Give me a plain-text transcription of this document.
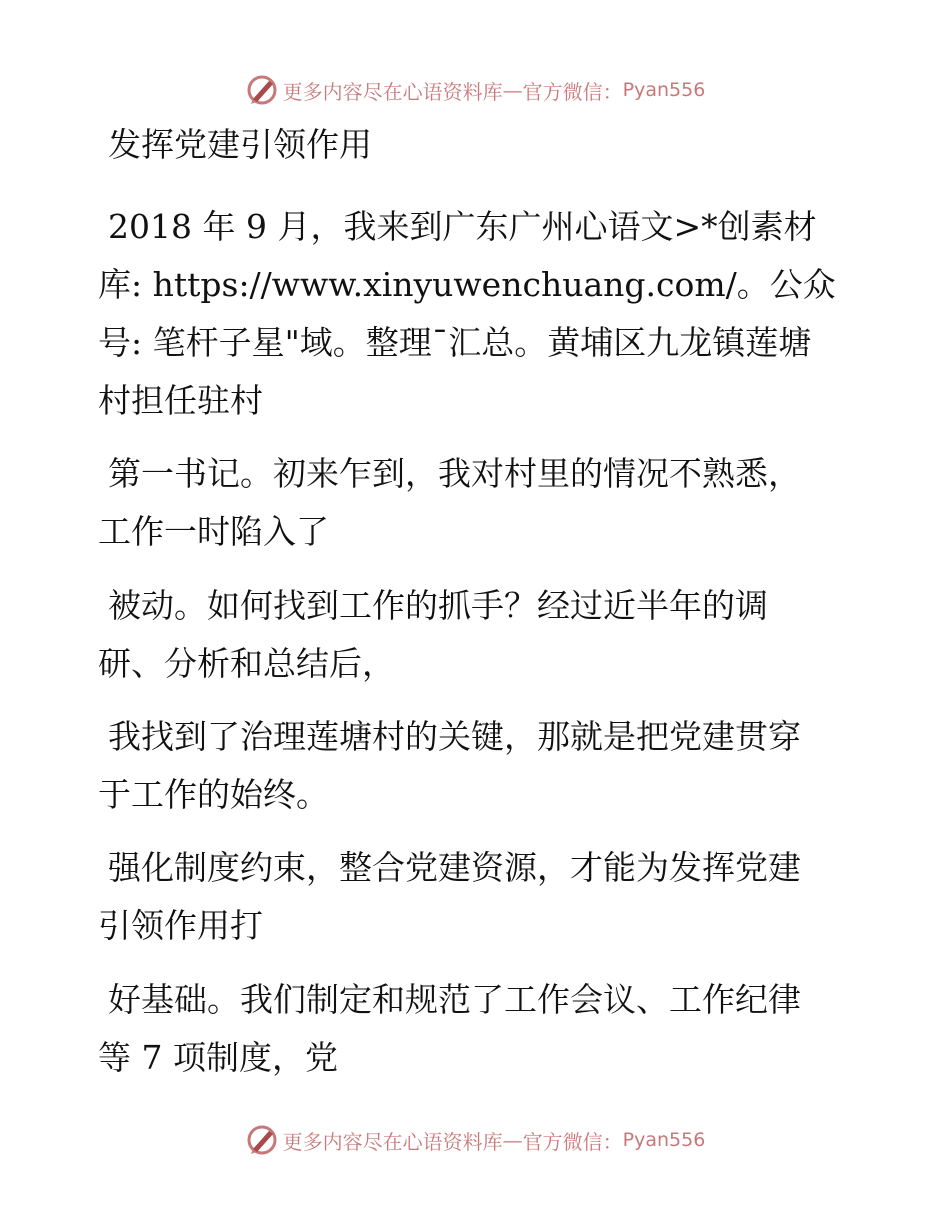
更多内容尽在心语资料库 — 官方微信： Pyan556
发挥党建引领作用
2018 年 9 月，我来到广东广州心语文>*创素材
库: https://www.xinyuwenchuang.com/。公众
号: 笔杆子星"域。整理¯汇总。黄埔区九龙镇莲塘
村担任驻村
第一书记。初来乍到，我对村里的情况不熟悉，
工作一时陷入了
被动。如何找到工作的抓手？经过近半年的调
研、分析和总结后，
我找到了治理莲塘村的关键，那就是把党建贯穿
于工作的始终。
强化制度约束，整合党建资源，才能为发挥党建
引领作用打
好基础。我们制定和规范了工作会议、工作纪律
等 7 项制度，党
更多内容尽在心语资料库 — 官方微信： Pyan556
